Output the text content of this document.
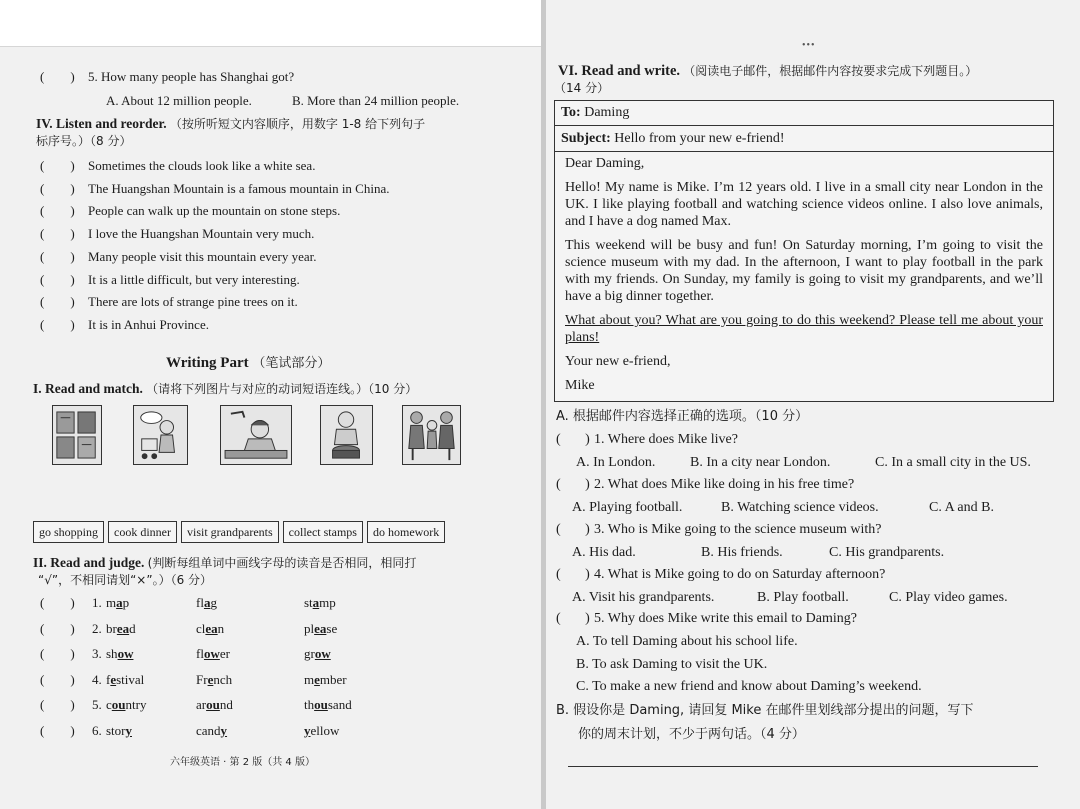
( ) 5. How many people has Shanghai got?
A. About 12 million people.	B. More than 24 million people.
IV. Listen and reorder. （按所听短文内容顺序，用数字 1-8 给下列句子
标序号。）（8 分）
(        ) Sometimes the clouds look like a white sea.
(        ) The Huangshan Mountain is a famous mountain in China.
(        ) People can walk up the mountain on stone steps.
(        ) I love the Huangshan Mountain very much.
(        ) Many people visit this mountain every year.
(        ) It is a little difficult, but very interesting.
(        ) There are lots of strange pine trees on it.
(        ) It is in Anhui Province.
Writing Part （笔试部分）
I. Read and match. （请将下列图片与对应的动词短语连线。）（10 分）
go shopping	cook dinner	visit grandparents	collect stamps	do homework
II. Read and judge. (判断每组单词中画线字母的读音是否相同，相同打
“√”，不相同请划“×”。）（6 分）
(        ) 1. map	flag	stamp
(        ) 2. bread	clean	please
(        ) 3. show	flower	grow
(        ) 4. festival	French	member
(        ) 5. country	around	thousand
(        ) 6. story	candy	yellow
六年级英语 · 第 2 版（共 4 版）
•••
VI. Read and write. （阅读电子邮件，根据邮件内容按要求完成下列题目。）
（14 分）
To: Daming
Subject: Hello from your new e-friend!

Dear Daming,

Hello! My name is Mike. I’m 12 years old. I live in a small city near London in the UK. I like playing football and watching science videos online. I also love animals, and I have a dog named Max.

This weekend will be busy and fun! On Saturday morning, I’m going to visit the science museum with my dad. In the afternoon, I want to play football in the park with my friends. On Sunday, my family is going to visit my grandparents, and we’ll have a big dinner together.

What about you? What are you going to do this weekend? Please tell me about your plans!

Your new e-friend,

Mike

A. 根据邮件内容选择正确的选项。（10 分）
(       ) 1. Where does Mike live?
A. In London. B. In a city near London.	C. In a small city in the US.
(       ) 2. What does Mike like doing in his free time?
A. Playing football.	B. Watching science videos.	C. A and B.
(       ) 3. Who is Mike going to the science museum with?
A. His dad.	B. His friends.	C. His grandparents.
(       ) 4. What is Mike going to do on Saturday afternoon?
A. Visit his grandparents.	B. Play football.	C. Play video games.
(       ) 5. Why does Mike write this email to Daming?
A. To tell Daming about his school life.
B. To ask Daming to visit the UK.
C. To make a new friend and know about Daming’s weekend.
B. 假设你是 Daming, 请回复 Mike 在邮件里划线部分提出的问题，写下
你的周末计划，不少于两句话。（4 分）
